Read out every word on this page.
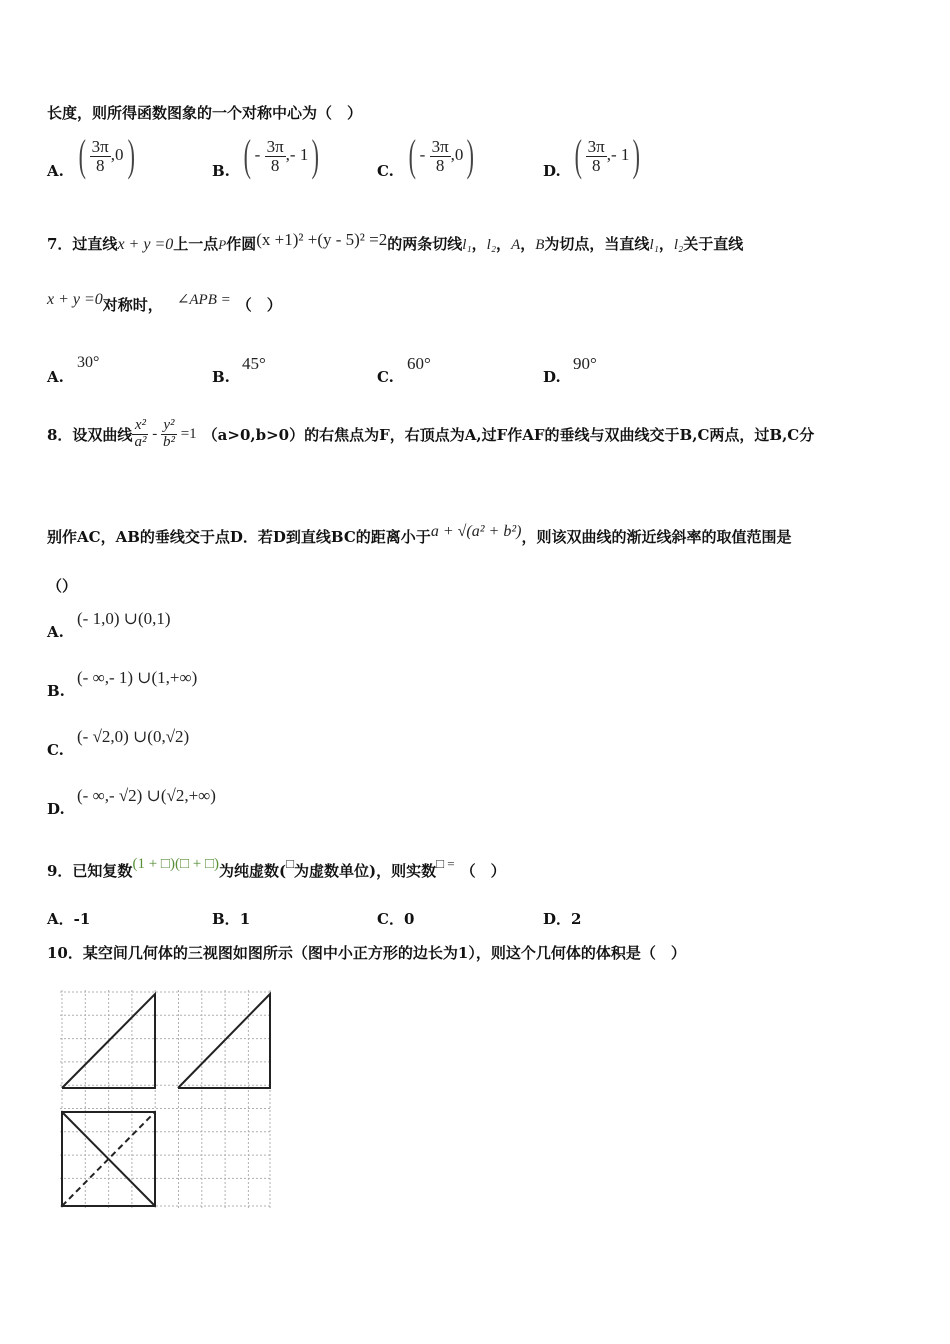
长度，则所得函数图象的一个对称中心为（　）
A. ( $\frac{3\pi}{8} ,0$)	B. ( - $\frac{3\pi}{8}$ ,- 1)	C. ( - $\frac{3\pi}{8} ,0$)	D. ( $\frac{3\pi}{8}$ ,- 1)
7．过直线x + y =0上一点P作圆(x +1)² +(y - 5)² =2的两条切线l₁，l₂，A，B为切点，当直线l₁，l₂关于直线
x + y =0对称时， ∠APB = （　）
A.
30°
B.
45°
C.
60°
D.
90°
8．设双曲线 $\frac{\text{x²}}{\text{a²}} - \frac{\text{y²}}{\text{b²}} =1$ （a>0,b>0）的右焦点为F，右顶点为A,过F作AF的垂线与双曲线交于B,C两点，过B,C分
别作AC，AB的垂线交于点D．若D到直线BC的距离小于a + √(a² + b²)，则该双曲线的渐近线斜率的取值范围是
（）
A.
(- 1,0) ∪(0,1)
B.
(- ∞,- 1) ∪(1,+∞)
C.
(- √2,0) ∪(0,√2)
D.
(- ∞,- √2) ∪(√2,+∞)
9．已知复数(1 + □)(□ + □)为纯虚数(□为虚数单位)，则实数□ = （　）
A．-1	B．1	C．0	D．2
10．某空间几何体的三视图如图所示（图中小正方形的边长为1），则这个几何体的体积是（　）
